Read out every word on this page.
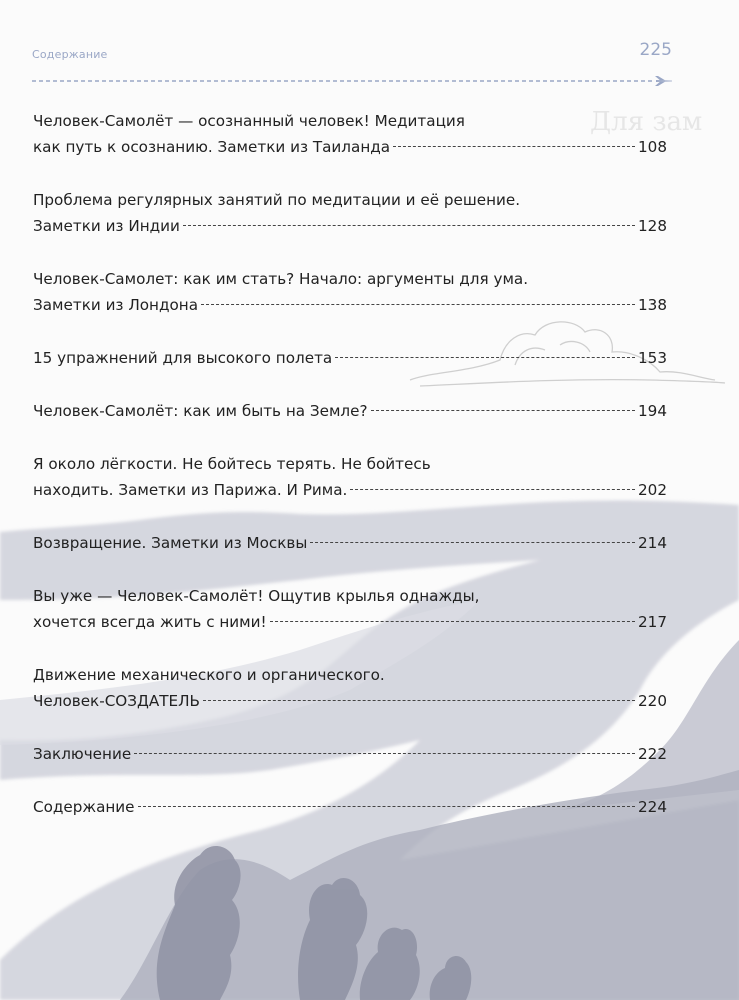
Для зам
Содержание	225
Человек-Самолёт — осознанный человек! Медитация
как путь к осознанию. Заметки из Таиланда	108
Проблема регулярных занятий по медитации и её решение.
Заметки из Индии	128
Человек-Самолет: как им стать? Начало: аргументы для ума.
Заметки из Лондона	138
15 упражнений для высокого полета	153
Человек-Самолёт: как им быть на Земле?	194
Я около лёгкости. Не бойтесь терять. Не бойтесь
находить. Заметки из Парижа. И Рима.	202
Возвращение. Заметки из Москвы	214
Вы уже — Человек-Самолёт! Ощутив крылья однажды,
хочется всегда жить с ними!	217
Движение механического и органического.
Человек-СОЗДАТЕЛЬ	220
Заключение	222
Содержание	224
